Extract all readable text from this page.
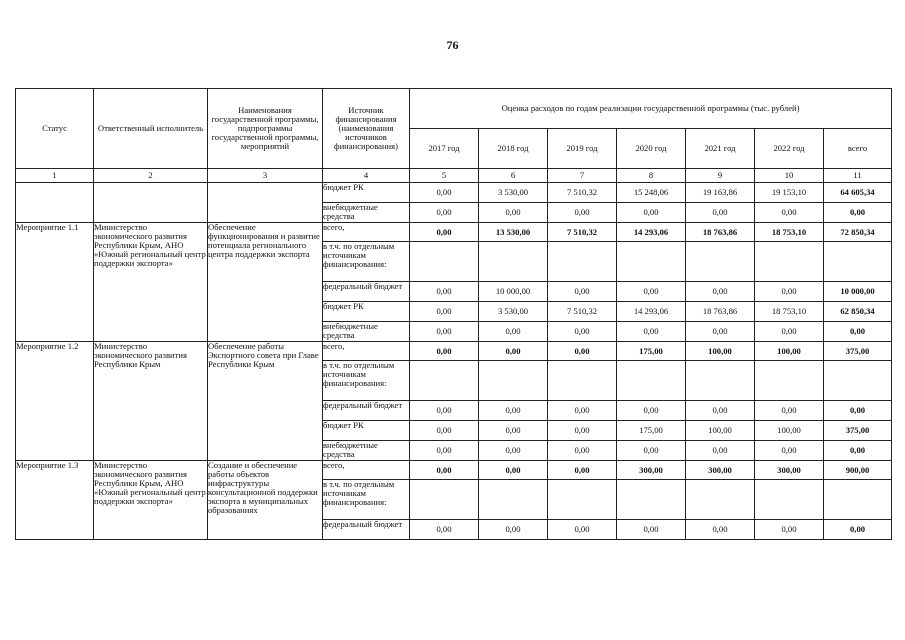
76
Статус	Ответственный исполнитель	Наименования государственной программы, подпрограммы государственной программы, мероприятий	Источник финансирования (наименования источников финансирования)	Оценка расходов по годам реализации государственной программы (тыс. рублей)						
				2017 год	2018 год	2019 год	2020 год	2021 год	2022 год	всего
1	2	3	4	5	6	7	8	9	10	11
			бюджет РК	0,00	3 530,00	7 510,32	15 248,06	19 163,86	19 153,10	64 605,34
			внебюджетные средства	0,00	0,00	0,00	0,00	0,00	0,00	0,00
Мероприятие 1.1	Министерство экономического развития Республики Крым, АНО «Южный региональный центр поддержки экспорта»	Обеспечение функционирования и развитие потенциала регионального центра поддержки экспорта	всего,	0,00	13 530,00	7 510,32	14 293,06	18 763,86	18 753,10	72 850,34
			в т.ч. по отдельным источникам финансирования:							
			федеральный бюджет	0,00	10 000,00	0,00	0,00	0,00	0,00	10 000,00
			бюджет РК	0,00	3 530,00	7 510,32	14 293,06	18 763,86	18 753,10	62 850,34
			внебюджетные средства	0,00	0,00	0,00	0,00	0,00	0,00	0,00
Мероприятие 1.2	Министерство экономического развития Республики Крым	Обеспечение работы Экспортного совета при Главе Республики Крым	всего,	0,00	0,00	0,00	175,00	100,00	100,00	375,00
			в т.ч. по отдельным источникам финансирования:							
			федеральный бюджет	0,00	0,00	0,00	0,00	0,00	0,00	0,00
			бюджет РК	0,00	0,00	0,00	175,00	100,00	100,00	375,00
			внебюджетные средства	0,00	0,00	0,00	0,00	0,00	0,00	0,00
Мероприятие 1.3	Министерство экономического развития Республики Крым, АНО «Южный региональный центр поддержки экспорта»	Создание и обеспечение работы объектов инфраструктуры консультационной поддержки экспорта в муниципальных образованиях	всего,	0,00	0,00	0,00	300,00	300,00	300,00	900,00
			в т.ч. по отдельным источникам финансирования:							
			федеральный бюджет	0,00	0,00	0,00	0,00	0,00	0,00	0,00
